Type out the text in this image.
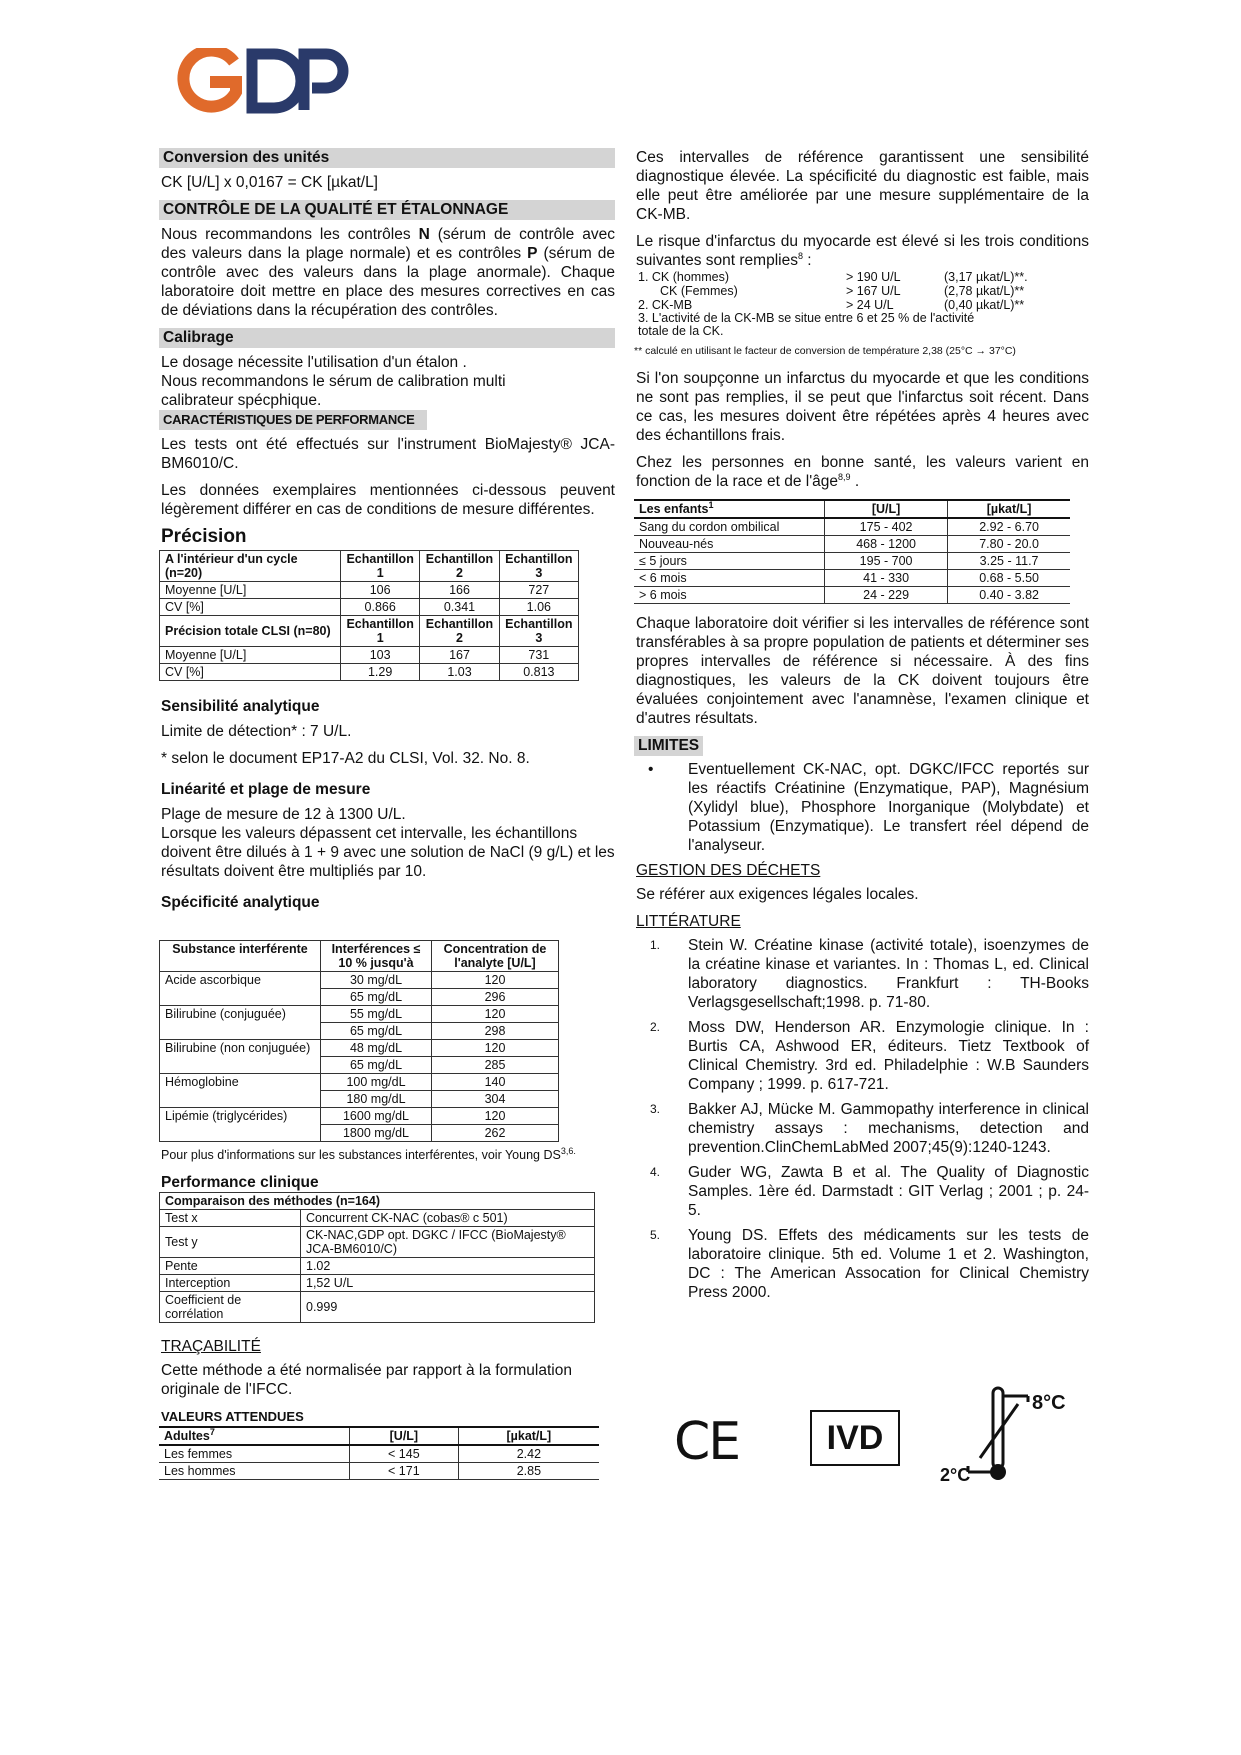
Conversion des unités

CK [U/L] x 0,0167 = CK [µkat/L]

CONTRÔLE DE LA QUALITÉ ET ÉTALONNAGE

Nous recommandons les contrôles N (sérum de contrôle avec des valeurs dans la plage normale) et es contrôles P (sérum de contrôle avec des valeurs dans la plage anormale). Chaque laboratoire doit mettre en place des mesures correctives en cas de déviations dans la récupération des contrôles.

Calibrage
Le dosage nécessite l'utilisation d'un étalon .
Nous recommandons le sérum de calibration multi calibrateur spécphique.
CARACTÉRISTIQUES DE PERFORMANCE

Les tests ont été effectués sur l'instrument BioMajesty® JCA-BM6010/C.

Les données exemplaires mentionnées ci-dessous peuvent légèrement différer en cas de conditions de mesure différentes.

Précision
A l'intérieur d'un cycle (n=20)	Echantillon 1	Echantillon 2	Echantillon 3
Moyenne [U/L]	106	166	727
CV [%]	0.866	0.341	1.06
Précision totale CLSI (n=80)	Echantillon 1	Echantillon 2	Echantillon 3
Moyenne [U/L]	103	167	731
CV [%]	1.29	1.03	0.813
Sensibilité analytique

Limite de détection* : 7 U/L.

* selon le document EP17-A2 du CLSI, Vol. 32. No. 8.

Linéarité et plage de mesure
Plage de mesure de 12 à 1300 U/L.

Lorsque les valeurs dépassent cet intervalle, les échantillons doivent être dilués à 1 + 9 avec une solution de NaCl (9 g/L) et les résultats doivent être multipliés par 10.

Spécificité analytique
Substance interférente	Interférences ≤ 10 % jusqu'à	Concentration de l'analyte [U/L]
Acide ascorbique	30 mg/dL	120
	65 mg/dL	296
Bilirubine (conjuguée)	55 mg/dL	120
	65 mg/dL	298
Bilirubine (non conjuguée)	48 mg/dL	120
	65 mg/dL	285
Hémoglobine	100 mg/dL	140
	180 mg/dL	304
Lipémie (triglycérides)	1600 mg/dL	120
	1800 mg/dL	262
Pour plus d'informations sur les substances interférentes, voir Young $DS^{3,6.}$
Performance clinique
Comparaison des méthodes (n=164)	
Test x	Concurrent CK-NAC (cobas® c 501)
Test y	CK-NAC,GDP opt. DGKC / IFCC (BioMajesty® JCA-BM6010/C)
Pente	1.02
Interception	1,52 U/L
Coefficient de corrélation	0.999
TRAÇABILITÉ

Cette méthode a été normalisée par rapport à la formulation originale de l'IFCC.

VALEURS ATTENDUES
Adultes$^7$	[U/L]	[µkat/L]
Les femmes	< 145	2.42
Les hommes	< 171	2.85

Ces intervalles de référence garantissent une sensibilité diagnostique élevée. La spécificité du diagnostic est faible, mais elle peut être améliorée par une mesure supplémentaire de la CK-MB.

Le risque d'infarctus du myocarde est élevé si les trois conditions suivantes sont remplies$^8$ :

1. CK (hommes)	> 190 U/L	(3,17 µkat/L)**.
CK (Femmes)	> 167 U/L	(2,78 µkat/L)**
2. CK-MB	> 24 U/L	(0,40 µkat/L)**
3. L'activité de la CK-MB se situe entre 6 et 25 % de l'activité totale de la CK.
** calculé en utilisant le facteur de conversion de température 2,38 (25°C → 37°C)

Si l'on soupçonne un infarctus du myocarde et que les conditions ne sont pas remplies, il se peut que l'infarctus soit récent. Dans ce cas, les mesures doivent être répétées après 4 heures avec des échantillons frais.

Chez les personnes en bonne santé, les valeurs varient en fonction de la race et de l'âge$^{8,9}$ .

Les enfants$^1$	[U/L]	[µkat/L]
Sang du cordon ombilical	175 - 402	2.92 - 6.70
Nouveau-nés	468 - 1200	7.80 - 20.0
≤ 5 jours	195 - 700	3.25 - 11.7
< 6 mois	41 - 330	0.68 - 5.50
> 6 mois	24 - 229	0.40 - 3.82

Chaque laboratoire doit vérifier si les intervalles de référence sont transférables à sa propre population de patients et déterminer ses propres intervalles de référence si nécessaire. À des fins diagnostiques, les valeurs de la CK doivent toujours être évaluées conjointement avec l'anamnèse, l'examen clinique et d'autres résultats.

LIMITES
•	Eventuellement CK-NAC, opt. DGKC/IFCC reportés sur les réactifs Créatinine (Enzymatique, PAP), Magnésium (Xylidyl blue), Phosphore Inorganique (Molybdate) et Potassium (Enzymatique). Le transfert réel dépend de l'analyseur.
GESTION DES DÉCHETS

Se référer aux exigences légales locales.

LITTÉRATURE
1.	Stein W. Créatine kinase (activité totale), isoenzymes de la créatine kinase et variantes. In : Thomas L, ed. Clinical laboratory diagnostics. Frankfurt : TH-Books Verlagsgesellschaft;1998. p. 71-80.
2.	Moss DW, Henderson AR. Enzymologie clinique. In : Burtis CA, Ashwood ER, éditeurs. Tietz Textbook of Clinical Chemistry. 3rd ed. Philadelphie : W.B Saunders Company ; 1999. p. 617-721.
3.	Bakker AJ, Mücke M. Gammopathy interference in clinical chemistry assays : mechanisms, detection and prevention.ClinChemLabMed 2007;45(9):1240-1243.
4.	Guder WG, Zawta B et al. The Quality of Diagnostic Samples. 1ère éd. Darmstadt : GIT Verlag ; 2001 ; p. 24-5.
5.	Young DS. Effets des médicaments sur les tests de laboratoire clinique. 5th ed. Volume 1 et 2. Washington, DC : The American Assocation for Clinical Chemistry Press 2000.
CE	IVD
8°C
2°C
